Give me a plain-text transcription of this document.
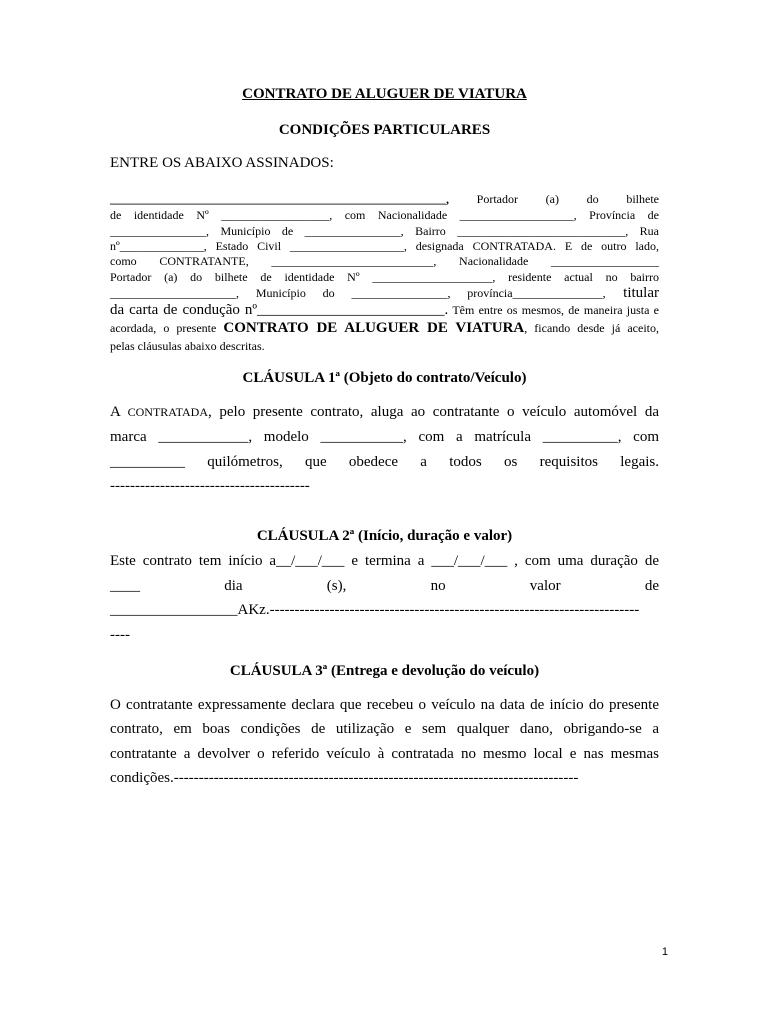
CONTRATO DE ALUGUER DE VIATURA
CONDIÇÕES PARTICULARES
ENTRE OS ABAIXO ASSINADOS:
________________________________________________________, Portador (a) do bilhete
de identidade Nº __________________, com Nacionalidade ___________________, Província de
________________, Município de ________________, Bairro ____________________________, Rua
nº______________, Estado Civil ___________________, designada CONTRATADA. E de outro lado,
como CONTRATANTE, ___________________________, Nacionalidade __________________
Portador (a) do bilhete de identidade Nº ____________________, residente actual no bairro
_____________________, Município do ________________, província_______________, titular
da carta de condução nº_________________________. Têm entre os mesmos, de maneira justa e
acordada, o presente CONTRATO DE ALUGUER DE VIATURA, ficando desde já aceito,
pelas cláusulas abaixo descritas.
CLÁUSULA 1ª (Objeto do contrato/Veículo)
A CONTRATADA, pelo presente contrato, aluga ao contratante o veículo automóvel da
marca ____________, modelo ___________, com a matrícula __________, com
__________ quilómetros, que obedece a todos os requisitos legais.
----------------------------------------
CLÁUSULA 2ª (Início, duração e valor)
Este contrato tem início a__/___/___ e termina a ___/___/___ , com uma duração de
____ dia (s), no valor de
_________________AKz.--------------------------------------------------------------------------
----
CLÁUSULA 3ª (Entrega e devolução do veículo)
O contratante expressamente declara que recebeu o veículo na data de início do presente
contrato, em boas condições de utilização e sem qualquer dano, obrigando-se a
contratante a devolver o referido veículo à contratada no mesmo local e nas mesmas
condições.---------------------------------------------------------------------------------
1
